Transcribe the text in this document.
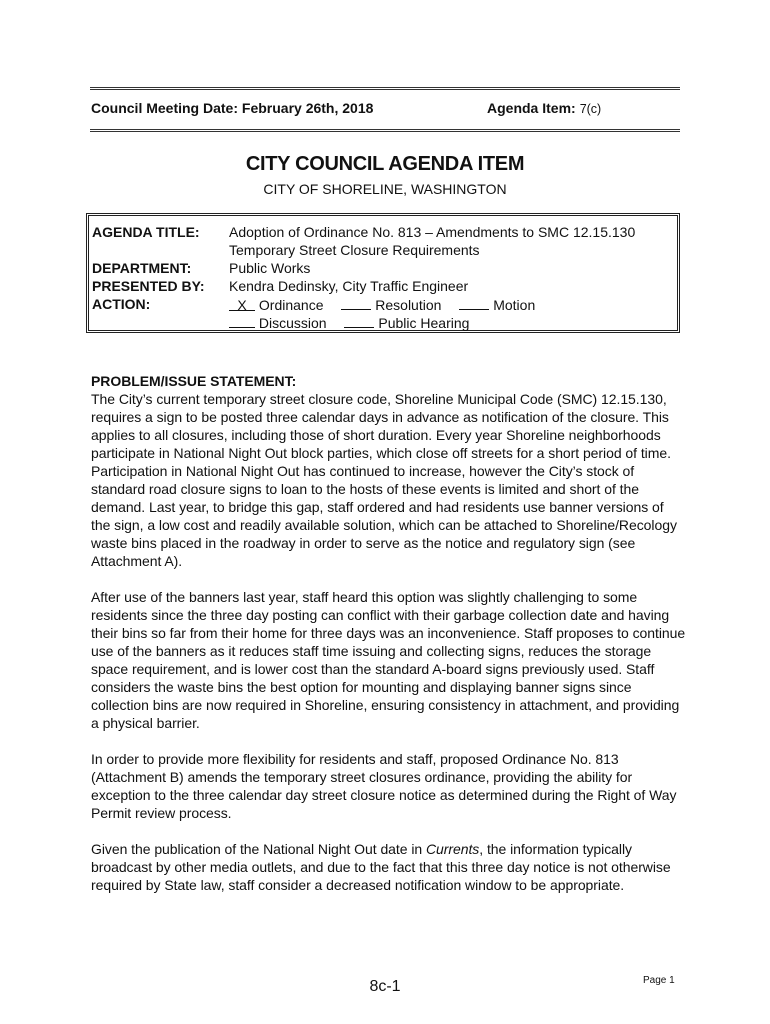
Council Meeting Date: February 26th, 2018	Agenda Item: 7(c)
CITY COUNCIL AGENDA ITEM
CITY OF SHORELINE, WASHINGTON
AGENDA TITLE: Adoption of Ordinance No. 813 – Amendments to SMC 12.15.130
Temporary Street Closure Requirements
DEPARTMENT:	Public Works
PRESENTED BY: Kendra Dedinsky, City Traffic Engineer
ACTION:	X Ordinance	Resolution	Motion
Discussion	Public Hearing
PROBLEM/ISSUE STATEMENT:

The City’s current temporary street closure code, Shoreline Municipal Code (SMC) 12.15.130, requires a sign to be posted three calendar days in advance as notification of the closure. This applies to all closures, including those of short duration. Every year Shoreline neighborhoods participate in National Night Out block parties, which close off streets for a short period of time. Participation in National Night Out has continued to increase, however the City’s stock of standard road closure signs to loan to the hosts of these events is limited and short of the demand. Last year, to bridge this gap, staff ordered and had residents use banner versions of the sign, a low cost and readily available solution, which can be attached to Shoreline/Recology waste bins placed in the roadway in order to serve as the notice and regulatory sign (see Attachment A).

After use of the banners last year, staff heard this option was slightly challenging to some residents since the three day posting can conflict with their garbage collection date and having their bins so far from their home for three days was an inconvenience. Staff proposes to continue use of the banners as it reduces staff time issuing and collecting signs, reduces the storage space requirement, and is lower cost than the standard A-board signs previously used. Staff considers the waste bins the best option for mounting and displaying banner signs since collection bins are now required in Shoreline, ensuring consistency in attachment, and providing a physical barrier.

In order to provide more flexibility for residents and staff, proposed Ordinance No. 813 (Attachment B) amends the temporary street closures ordinance, providing the ability for exception to the three calendar day street closure notice as determined during the Right of Way Permit review process.

Given the publication of the National Night Out date in Currents, the information typically broadcast by other media outlets, and due to the fact that this three day notice is not otherwise required by State law, staff consider a decreased notification window to be appropriate.

8c-1	Page 1
